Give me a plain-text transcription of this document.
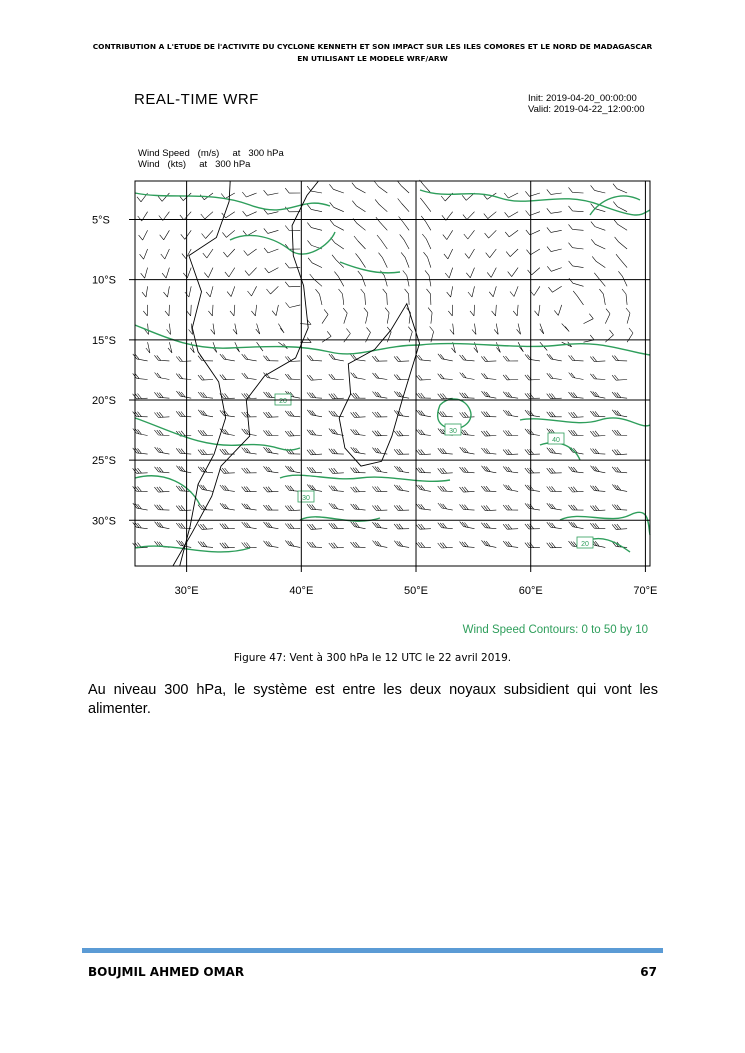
CONTRIBUTION A L'ETUDE DE l'ACTIVITE DU CYCLONE KENNETH ET SON IMPACT SUR LES ILES COMORES ET LE NORD DE MADAGASCAR
EN UTILISANT LE MODELE WRF/ARW
REAL-TIME WRF	Init: 2019-04-20_00:00:00
Valid: 2019-04-22_12:00:00
Wind Speed   (m/s)     at   300 hPa
Wind   (kts)     at   300 hPa
20
30
40
30
20
5°S
10°S
15°S
20°S
25°S
30°S
30°E	40°E	50°E	60°E	70°E
Wind Speed Contours: 0 to 50 by 10
Figure 47: Vent à 300 hPa le 12 UTC le 22 avril 2019.
Au niveau 300 hPa, le système est entre les deux noyaux subsidient qui vont les alimenter.
BOUJMIL AHMED OMAR	67
